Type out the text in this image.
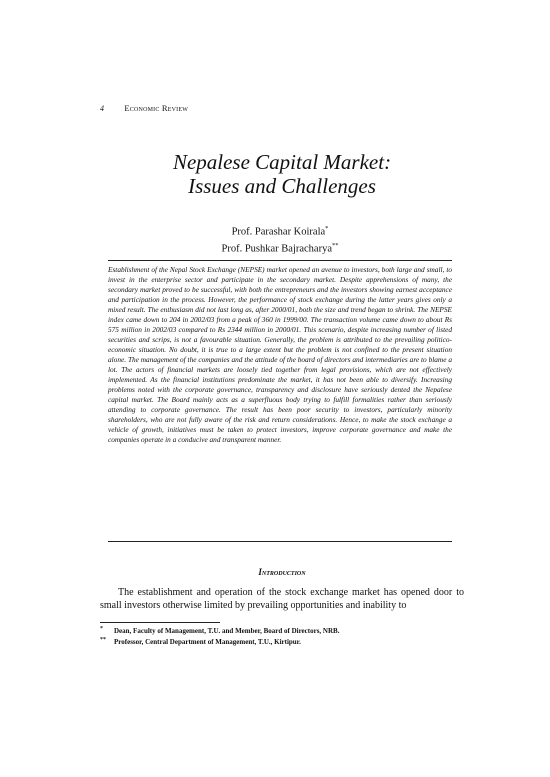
4 Economic Review
Nepalese Capital Market:
Issues and Challenges
Prof. Parashar Koirala*
Prof. Pushkar Bajracharya**

Establishment of the Nepal Stock Exchange (NEPSE) market opened an avenue to investors, both large and small, to invest in the enterprise sector and participate in the secondary market. Despite apprehensions of many, the secondary market proved to be successful, with both the entrepreneurs and the investors showing earnest acceptance and participation in the process. However, the performance of stock exchange during the latter years gives only a mixed result. The enthusiasm did not last long as, after 2000/01, both the size and trend began to shrink. The NEPSE index came down to 204 in 2002/03 from a peak of 360 in 1999/00. The transaction volume came down to about Rs 575 million in 2002/03 compared to Rs 2344 million in 2000/01. This scenario, despite increasing number of listed securities and scrips, is not a favourable situation. Generally, the problem is attributed to the prevailing politico- economic situation. No doubt, it is true to a large extent but the problem is not confined to the present situation alone. The management of the companies and the attitude of the board of directors and intermediaries are to blame a lot. The actors of financial markets are loosely tied together from legal provisions, which are not effectively implemented. As the financial institutions predominate the market, it has not been able to diversify. Increasing problems noted with the corporate governance, transparency and disclosure have seriously dented the Nepalese capital market. The Board mainly acts as a superfluous body trying to fulfill formalities rather than seriously attending to corporate governance. The result has been poor security to investors, particularly minority shareholders, who are not fully aware of the risk and return considerations. Hence, to make the stock exchange a vehicle of growth, initiatives must be taken to protect investors, improve corporate governance and make the companies operate in a conducive and transparent manner.

Introduction

The establishment and operation of the stock exchange market has opened door to small investors otherwise limited by prevailing opportunities and inability to

* Dean, Faculty of Management, T.U. and Member, Board of Directors, NRB.
** Professor, Central Department of Management, T.U., Kirtipur.
